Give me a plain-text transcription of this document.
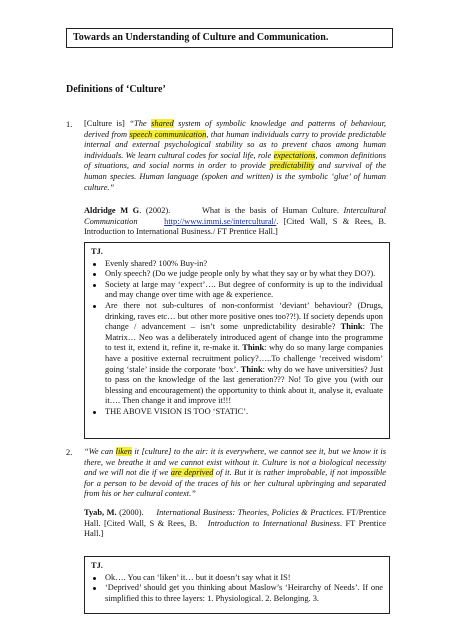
Towards an Understanding of Culture and Communication.
Definitions of ‘Culture’
1. [Culture is] “The shared system of symbolic knowledge and patterns of behaviour, derived from speech communication, that human individuals carry to provide predictable internal and external psychological stability so as to prevent chaos among human individuals. We learn cultural codes for social life, role expectations, common definitions of situations, and social norms in order to provide predictability and survival of the human species. Human language (spoken and written) is the symbolic ‘glue’ of human culture.”
Aldridge M G. (2002).	What is the basis of Human Culture. Intercultural Communication	http://www.immi.se/intercultural/. [Cited Wall, S & Rees, B. Introduction to International Business./ FT Prentice Hall.]
TJ.
Evenly shared? 100% Buy-in?
Only speech? (Do we judge people only by what they say or by what they DO?).
Society at large may ‘expect’…. But degree of conformity is up to the individual and may change over time with age & experience.
Are there not sub-cultures of non-conformist ‘deviant’ behaviour? (Drugs, drinking, raves etc… but other more positive ones too??!). If society depends upon change / advancement – isn’t some unpredictability desirable? Think: The Matrix… Neo was a deliberately introduced agent of change into the programme to test it, extend it, refine it, re-make it. Think: why do so many large companies have a positive external recruitment policy?…..To challenge ‘received wisdom’ going ‘stale’ inside the corporate ‘box’. Think: why do we have universities? Just to pass on the knowledge of the last generation??? No! To give you (with our blessing and encouragement) the opportunity to think about it, analyse it, evaluate it…. Then change it and improve it!!!
THE ABOVE VISION IS TOO ‘STATIC’.
2. “We can liken it [culture] to the air: it is everywhere, we cannot see it, but we know it is there, we breathe it and we cannot exist without it. Culture is not a biological necessity and we will not die if we are deprived of it. But it is rather improbable, if not impossible for a person to be devoid of the traces of his or her cultural upbringing and separated from his or her cultural context.”
Tyab, M. (2000). International Business: Theories, Policies & Practices. FT/Prentice Hall. [Cited Wall, S & Rees, B. Introduction to International Business. FT Prentice Hall.]
TJ.
Ok…. You can ‘liken’ it… but it doesn’t say what it IS!
‘Deprived’ should get you thinking about Maslow’s ‘Heirarchy of Needs’. If one simplified this to three layers: 1. Physiological. 2. Belonging. 3.
